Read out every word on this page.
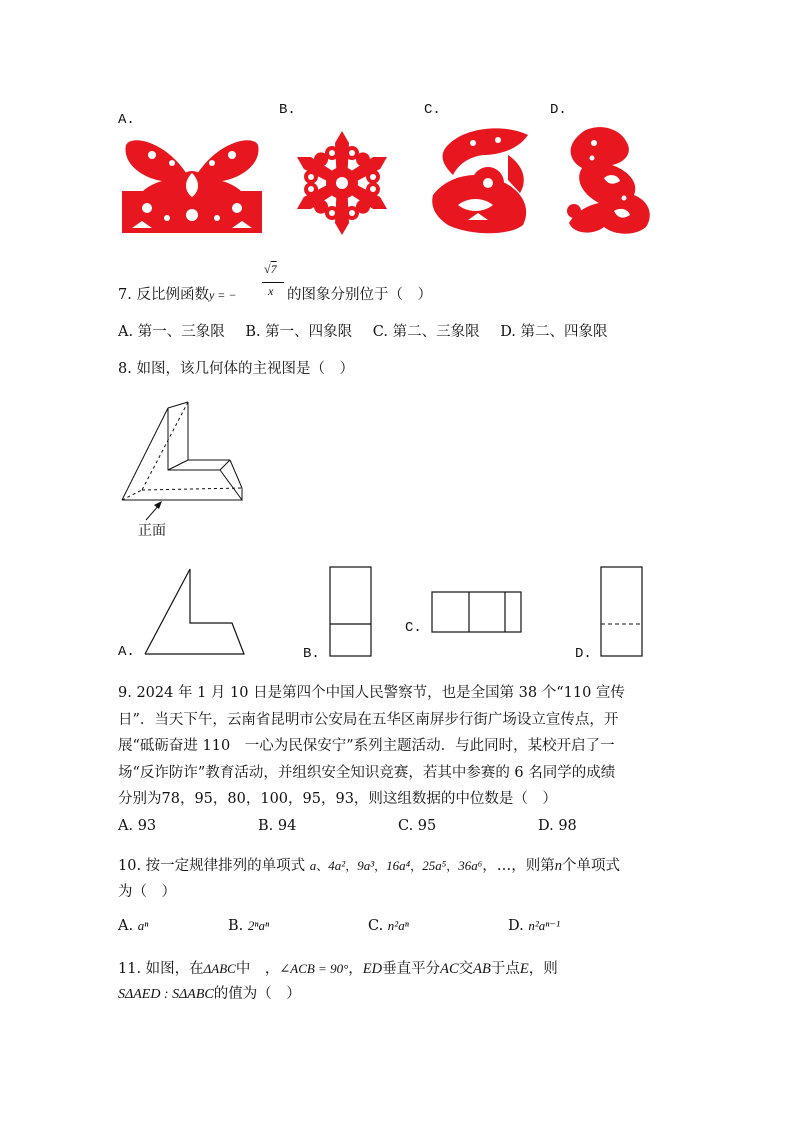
A.
B.	C.	D.
7. 反比例函数y = −
√7
x 的图象分别位于（　）
A. 第一、三象限 B. 第一、四象限 C. 第二、三象限 D. 第二、四象限
8. 如图，该几何体的主视图是（　）
正面
A.	B.
C.
D.
9. 2024 年 1 月 10 日是第四个中国人民警察节，也是全国第 38 个“110 宣传
日”．当天下午，云南省昆明市公安局在五华区南屏步行街广场设立宣传点，开
展“砥砺奋进 110　一心为民保安宁”系列主题活动．与此同时，某校开启了一
场“反诈防诈”教育活动，并组织安全知识竞赛，若其中参赛的 6 名同学的成绩
分别为78，95，80，100，95，93，则这组数据的中位数是（　）
A. 93	B. 94	C. 95	D. 98
10. 按一定规律排列的单项式 a、4a²，9a³，16a⁴，25a⁵，36a⁶，…，则第n个单项式
为（　）
A. aⁿ	B. 2ⁿaⁿ	C. n²aⁿ	D. n²aⁿ⁻¹
11. 如图，在ΔABC中　，∠ACB = 90°，ED垂直平分AC交AB于点E，则
SΔAED : SΔABC的值为（　）
